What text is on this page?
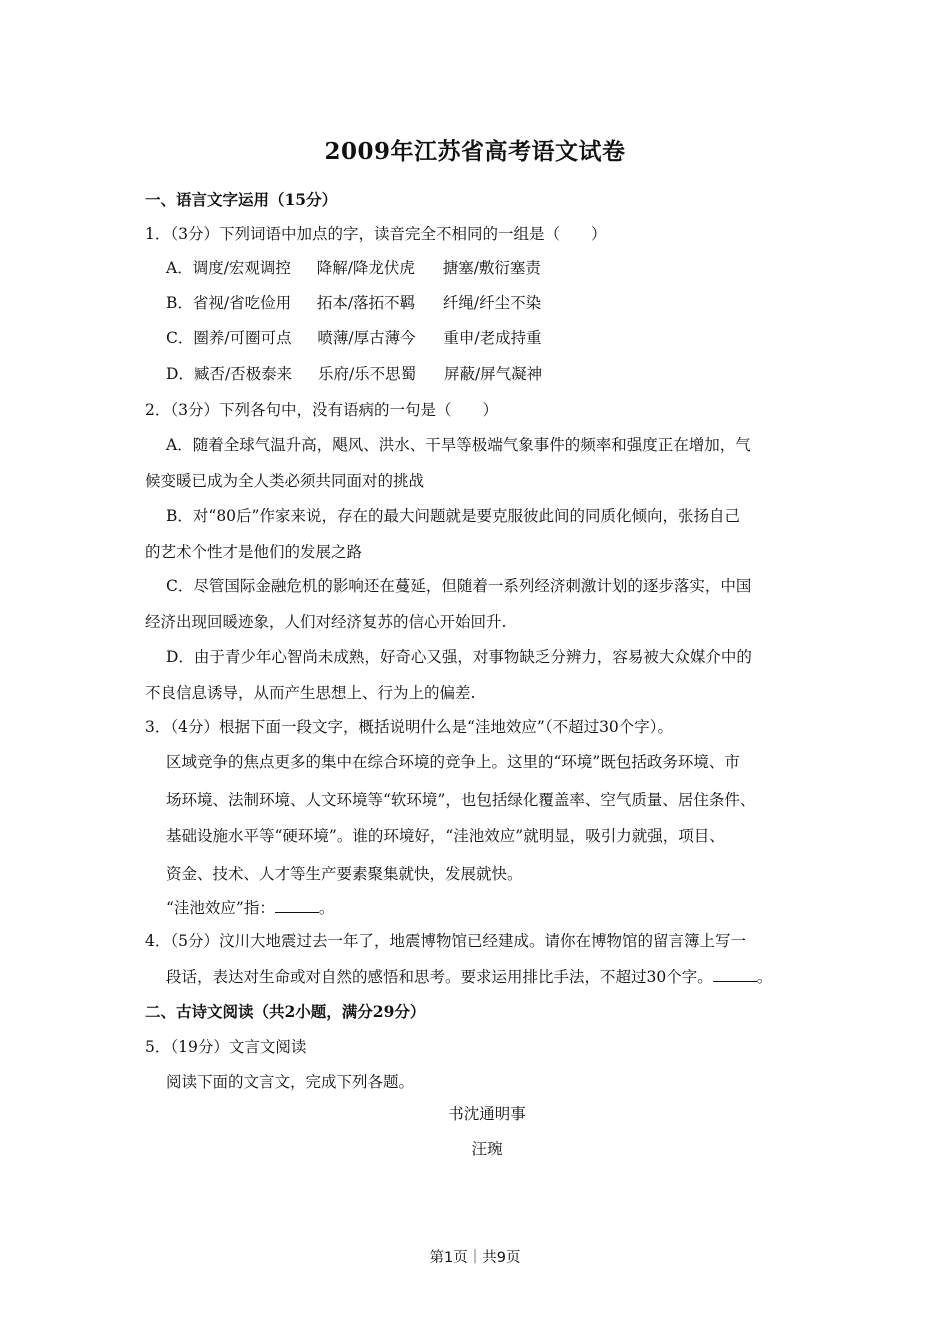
2009年江苏省高考语文试卷
一、语言文字运用（15分）
1．（3分）下列词语中加点的字，读音完全不相同的一组是（　　）
A．调度/宏观调控 降解/降龙伏虎 搪塞/敷衍塞责
B．省视/省吃俭用 拓本/落拓不羁 纤绳/纤尘不染
C．圈养/可圈可点 喷薄/厚古薄今 重申/老成持重
D．臧否/否极泰来 乐府/乐不思蜀 屏蔽/屏气凝神
2．（3分）下列各句中，没有语病的一句是（　　）
A．随着全球气温升高，飓风、洪水、干旱等极端气象事件的频率和强度正在增加，气
候变暖已成为全人类必须共同面对的挑战
B．对“80后”作家来说，存在的最大问题就是要克服彼此间的同质化倾向，张扬自己
的艺术个性才是他们的发展之路
C．尽管国际金融危机的影响还在蔓延，但随着一系列经济刺激计划的逐步落实，中国
经济出现回暖迹象，人们对经济复苏的信心开始回升.
D．由于青少年心智尚未成熟，好奇心又强，对事物缺乏分辨力，容易被大众媒介中的
不良信息诱导，从而产生思想上、行为上的偏差.
3．（4分）根据下面一段文字，概括说明什么是“洼地效应”（不超过30个字）。
区域竞争的焦点更多的集中在综合环境的竞争上。这里的“环境”既包括政务环境、市
场环境、法制环境、人文环境等“软环境”，也包括绿化覆盖率、空气质量、居住条件、
基础设施水平等“硬环境”。谁的环境好，“洼池效应”就明显，吸引力就强，项目、
资金、技术、人才等生产要素聚集就快，发展就快。
“洼池效应”指：	。
4．（5分）汶川大地震过去一年了，地震博物馆已经建成。请你在博物馆的留言簿上写一
段话，表达对生命或对自然的感悟和思考。要求运用排比手法，不超过30个字。	。
二、古诗文阅读（共2小题，满分29分）
5．（19分）文言文阅读
阅读下面的文言文，完成下列各题。
书沈通明事
汪琬
第1页｜共9页
